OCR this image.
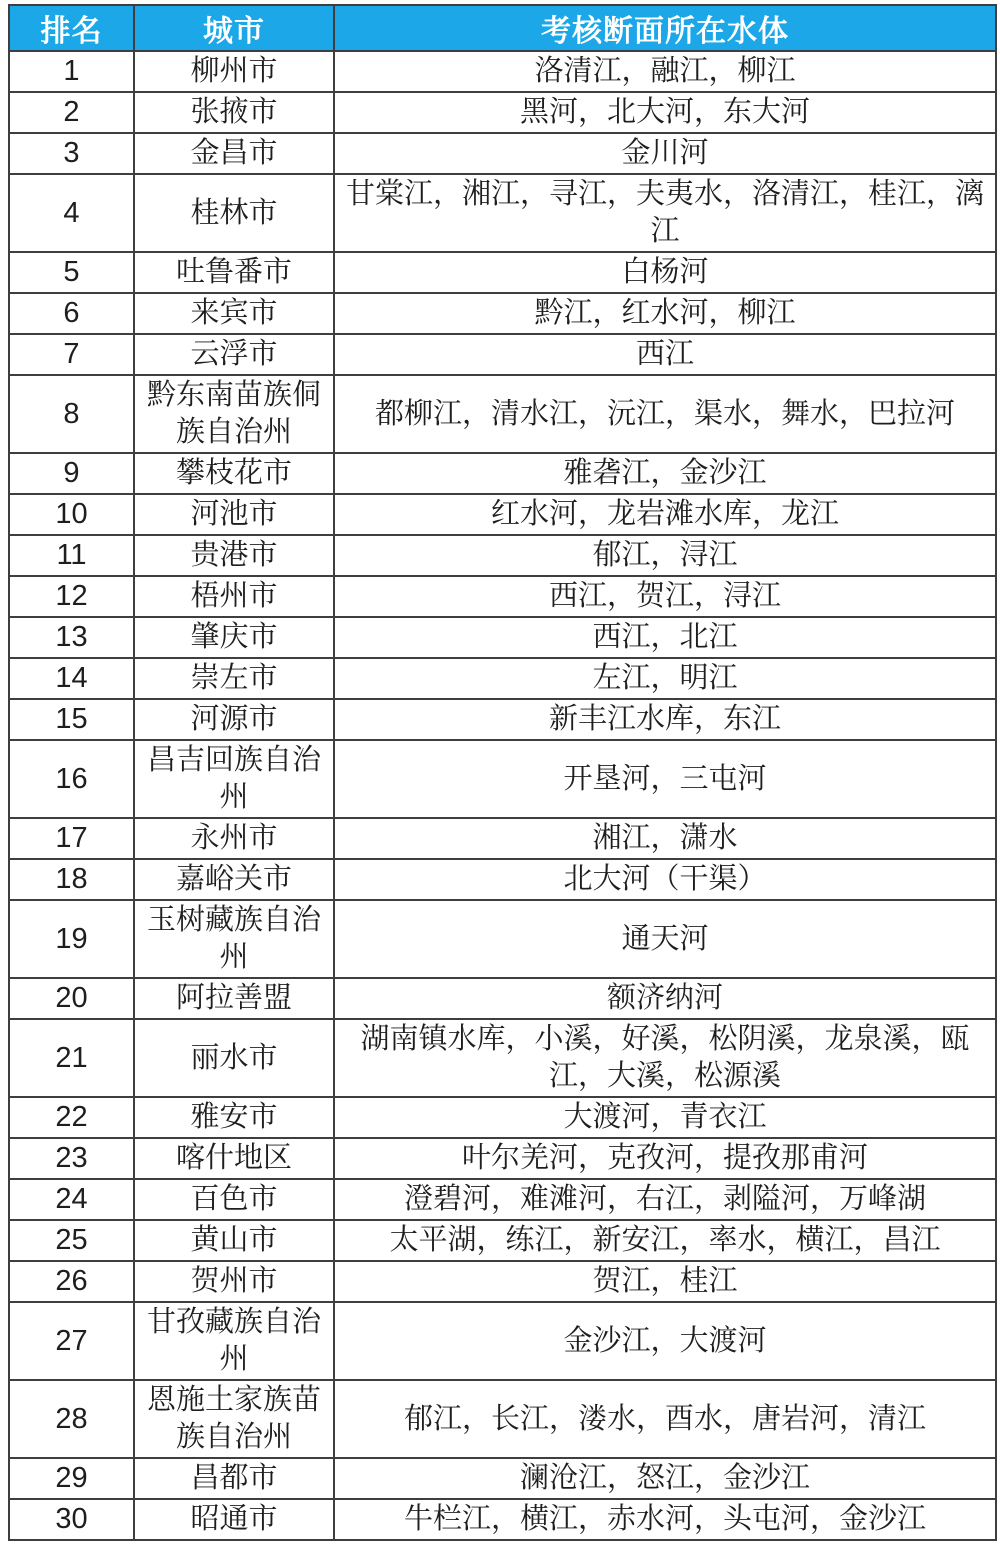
排名	城市	考核断面所在水体
1	柳州市	洛清江，融江，柳江
2	张掖市	黑河，北大河，东大河
3	金昌市	金川河
4	桂林市	甘棠江，湘江，寻江，夫夷水，洛清江，桂江，漓江
5	吐鲁番市	白杨河
6	来宾市	黔江，红水河，柳江
7	云浮市	西江
8	黔东南苗族侗族自治州	都柳江，清水江，沅江，渠水，舞水，巴拉河
9	攀枝花市	雅砻江，金沙江
10	河池市	红水河，龙岩滩水库，龙江
11	贵港市	郁江，浔江
12	梧州市	西江，贺江，浔江
13	肇庆市	西江，北江
14	崇左市	左江，明江
15	河源市	新丰江水库，东江
16	昌吉回族自治州	开垦河，三屯河
17	永州市	湘江，潇水
18	嘉峪关市	北大河（干渠）
19	玉树藏族自治州	通天河
20	阿拉善盟	额济纳河
21	丽水市	湖南镇水库，小溪，好溪，松阴溪，龙泉溪，瓯江，大溪，松源溪
22	雅安市	大渡河，青衣江
23	喀什地区	叶尔羌河，克孜河，提孜那甫河
24	百色市	澄碧河，难滩河，右江，剥隘河，万峰湖
25	黄山市	太平湖，练江，新安江，率水，横江，昌江
26	贺州市	贺江，桂江
27	甘孜藏族自治州	金沙江，大渡河
28	恩施土家族苗族自治州	郁江，长江，溇水，酉水，唐岩河，清江
29	昌都市	澜沧江，怒江，金沙江
30	昭通市	牛栏江，横江，赤水河，头屯河，金沙江
